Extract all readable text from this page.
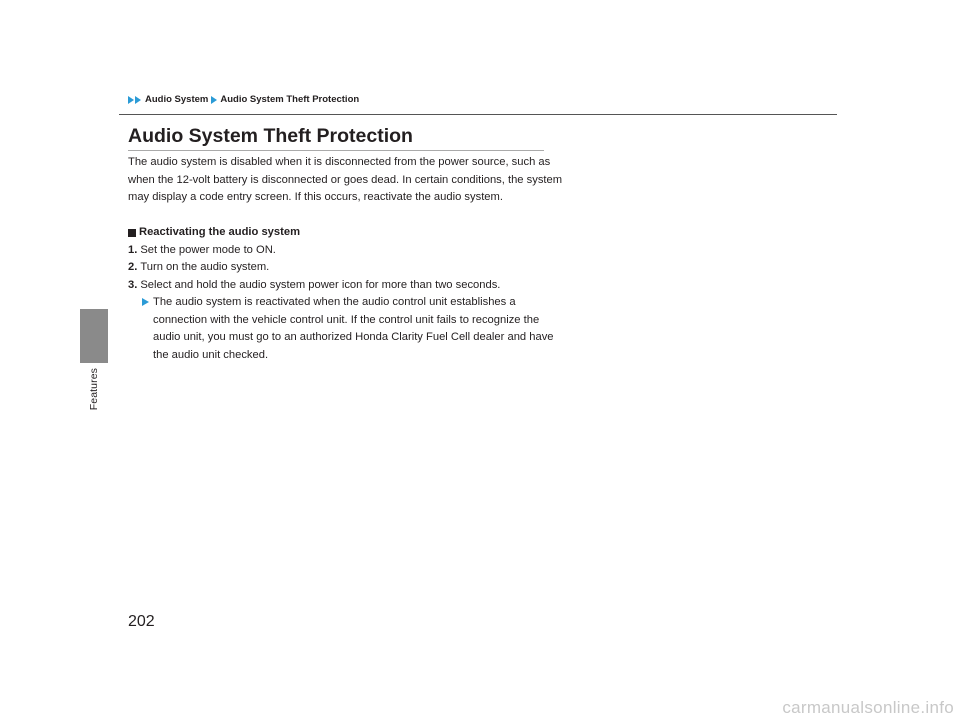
Features
Audio System Audio System Theft Protection
Audio System Theft Protection

The audio system is disabled when it is disconnected from the power source, such as when the 12-volt battery is disconnected or goes dead. In certain conditions, the system may display a code entry screen. If this occurs, reactivate the audio system.

Reactivating the audio system

1. Set the power mode to ON.

2. Turn on the audio system.

3. Select and hold the audio system power icon for more than two seconds.

The audio system is reactivated when the audio control unit establishes a connection with the vehicle control unit. If the control unit fails to recognize the audio unit, you must go to an authorized Honda Clarity Fuel Cell dealer and have the audio unit checked.

202
carmanualsonline.info
